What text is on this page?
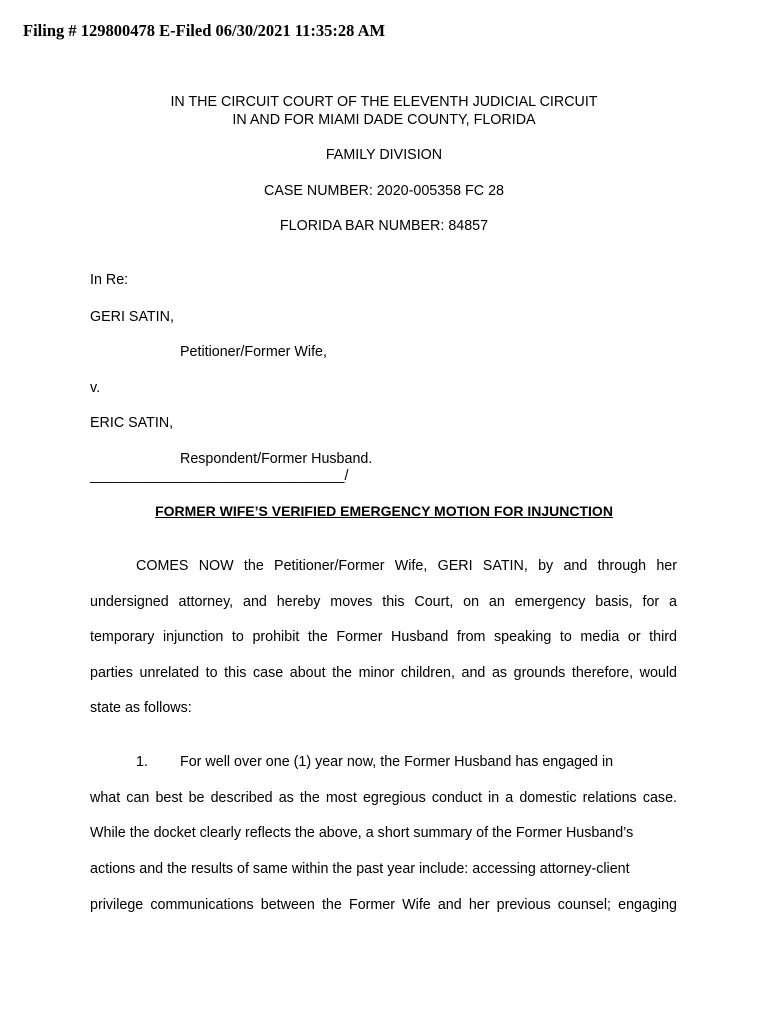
Filing # 129800478 E-Filed 06/30/2021 11:35:28 AM
IN THE CIRCUIT COURT OF THE ELEVENTH JUDICIAL CIRCUIT
IN AND FOR MIAMI DADE COUNTY, FLORIDA
FAMILY DIVISION
CASE NUMBER: 2020-005358 FC 28
FLORIDA BAR NUMBER: 84857
In Re:
GERI SATIN,
Petitioner/Former Wife,
v.
ERIC SATIN,
Respondent/Former Husband.
________________________________/
FORMER WIFE’S VERIFIED EMERGENCY MOTION FOR INJUNCTION
COMES NOW the Petitioner/Former Wife, GERI SATIN, by and through her
undersigned attorney, and hereby moves this Court, on an emergency basis, for a
temporary injunction to prohibit the Former Husband from speaking to media or third
parties unrelated to this case about the minor children, and as grounds therefore, would
state as follows:
1. For well over one (1) year now, the Former Husband has engaged in
what can best be described as the most egregious conduct in a domestic relations case.
While the docket clearly reflects the above, a short summary of the Former Husband’s
actions and the results of same within the past year include: accessing attorney-client
privilege communications between the Former Wife and her previous counsel; engaging
